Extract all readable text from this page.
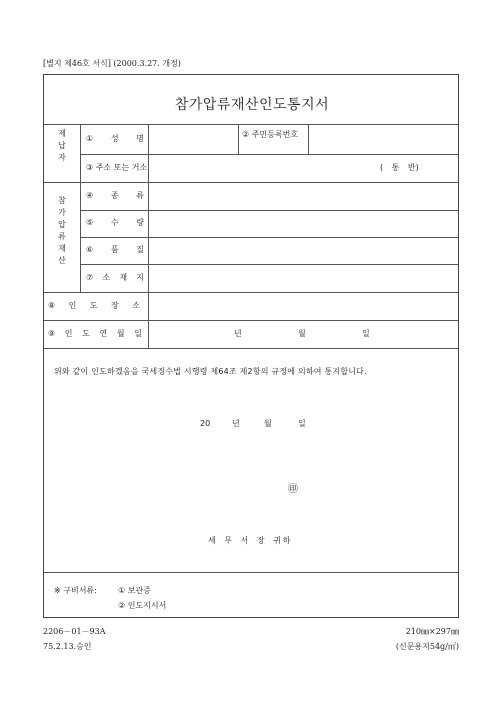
[별지 제46호 서식] (2000.3.27. 개정)
참가압류재산인도통지서
제
납
자
참
가
압
류
재
산
① 성 명	② 주민등록번호
③ 주소 또는 거소	( 통 반)
④ 종 류
⑤ 수 량
⑥ 품 질
⑦ 소 재 지
⑧ 인 도 장 소
⑨ 인 도 연 월 일	년	월	일
위와 같이 인도하겠음을 국세징수법 시행령 제64조 제2항의 규정에 의하여 통지합니다.
20	년	월	일
㊞
세 무 서 장 귀하
※ 구비서류:	① 보관증
② 인도지시서
2206－01－93A
75.2.13.승인
210㎜×297㎜
(신문용지54g/㎡)
